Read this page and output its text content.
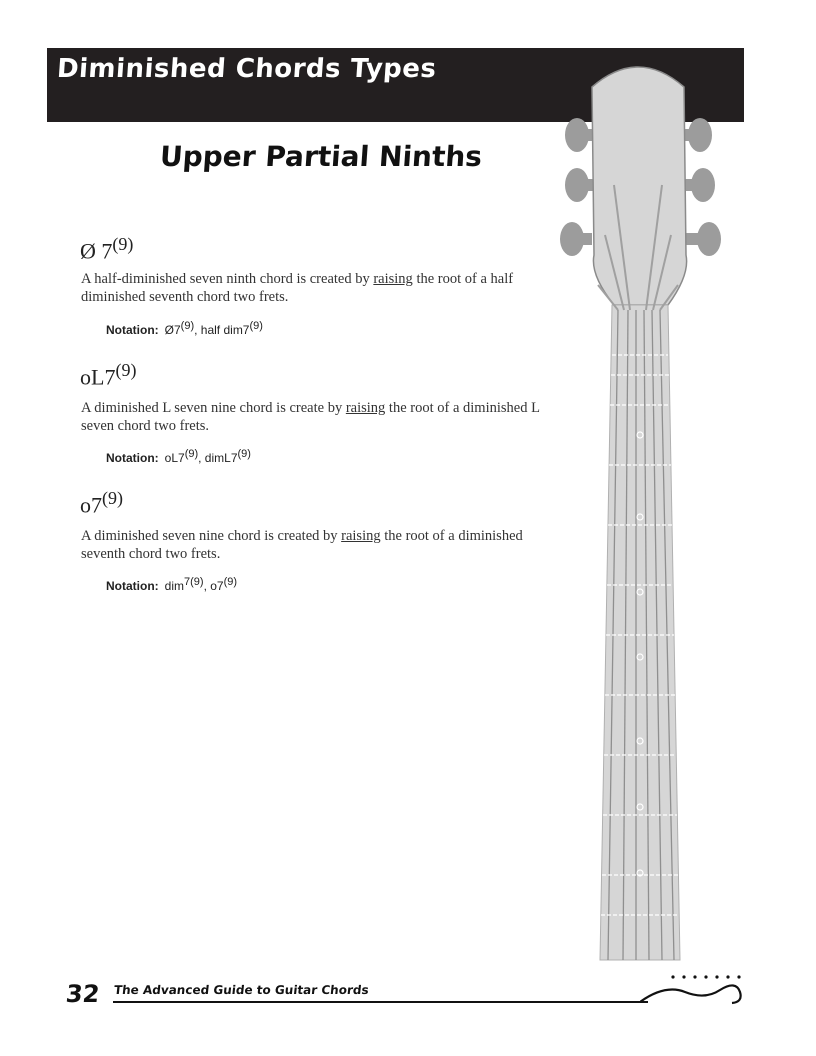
Diminished Chords Types
Upper Partial Ninths
Ø 7$^{(9)}$
A half-diminished seven ninth chord is created by raising the root of a half diminished seventh chord two frets.
Notation: Ø7$^{(9)}$, half dim7$^{(9)}$
oL7$^{(9)}$
A diminished L seven nine chord is create by raising the root of a diminished L seven chord two frets.
Notation: oL7$^{(9)}$, dimL7$^{(9)}$
o7$^{(9)}$
A diminished seven nine chord is created by raising the root of a diminished seventh chord two frets.
Notation: dim$^{7(9)}$, o7$^{(9)}$
32 The Advanced Guide to Guitar Chords
